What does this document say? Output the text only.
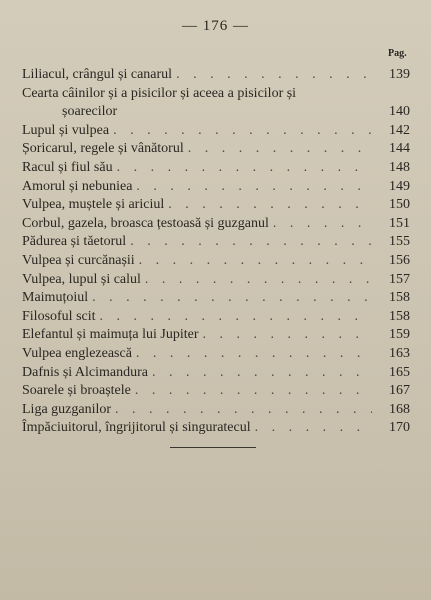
— 176 —
Pag.
Liliacul, crângul și canarul . . .	139
Cearta câinilor și a pisicilor și aceea a pisicilor și
șoarecilor	140
Lupul și vulpea . . .	142
Șoricarul, regele și vânătorul . . .	144
Racul și fiul său . . .	148
Amorul și nebuniea . . .	149
Vulpea, muștele și ariciul . . .	150
Corbul, gazela, broasca țestoasă și guzganul . . .	151
Pădurea și tăetorul . . .	155
Vulpea și curcănașii . . .	156
Vulpea, lupul și calul . . .	157
Maimuțoiul . . .	158
Filosoful scit . . .	158
Elefantul și maimuța lui Jupiter . . .	159
Vulpea englezească . . .	163
Dafnis și Alcimandura . . .	165
Soarele și broaștele . . .	167
Liga guzganilor . . .	168
Împăciuitorul, îngrijitorul și singuratecul . . .	170
